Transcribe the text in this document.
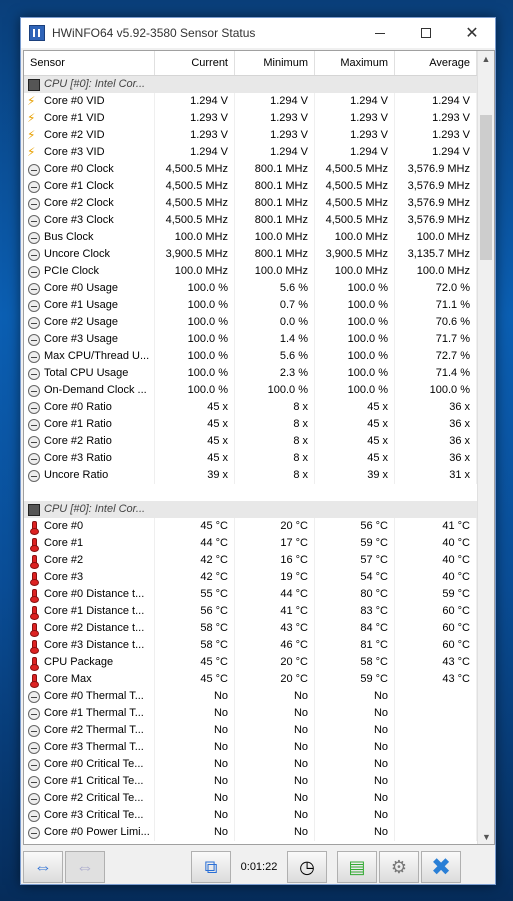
HWiNFO64 v5.92-3580 Sensor Status	✕
Sensor	Current	Minimum	Maximum	Average
CPU [#0]: Intel Cor...
⚡
Core #0 VID	1.294 V	1.294 V	1.294 V	1.294 V
⚡
Core #1 VID	1.293 V	1.293 V	1.293 V	1.293 V
⚡
Core #2 VID	1.293 V	1.293 V	1.293 V	1.293 V
⚡
Core #3 VID	1.294 V	1.294 V	1.294 V	1.294 V
Core #0 Clock	4,500.5 MHz	800.1 MHz	4,500.5 MHz	3,576.9 MHz
Core #1 Clock	4,500.5 MHz	800.1 MHz	4,500.5 MHz	3,576.9 MHz
Core #2 Clock	4,500.5 MHz	800.1 MHz	4,500.5 MHz	3,576.9 MHz
Core #3 Clock	4,500.5 MHz	800.1 MHz	4,500.5 MHz	3,576.9 MHz
Bus Clock	100.0 MHz	100.0 MHz	100.0 MHz	100.0 MHz
Uncore Clock	3,900.5 MHz	800.1 MHz	3,900.5 MHz	3,135.7 MHz
PCIe Clock	100.0 MHz	100.0 MHz	100.0 MHz	100.0 MHz
Core #0 Usage	100.0 %	5.6 %	100.0 %	72.0 %
Core #1 Usage	100.0 %	0.7 %	100.0 %	71.1 %
Core #2 Usage	100.0 %	0.0 %	100.0 %	70.6 %
Core #3 Usage	100.0 %	1.4 %	100.0 %	71.7 %
Max CPU/Thread U...	100.0 %	5.6 %	100.0 %	72.7 %
Total CPU Usage	100.0 %	2.3 %	100.0 %	71.4 %
On-Demand Clock ...	100.0 %	100.0 %	100.0 %	100.0 %
Core #0 Ratio	45 x	8 x	45 x	36 x
Core #1 Ratio	45 x	8 x	45 x	36 x
Core #2 Ratio	45 x	8 x	45 x	36 x
Core #3 Ratio	45 x	8 x	45 x	36 x
Uncore Ratio	39 x	8 x	39 x	31 x
CPU [#0]: Intel Cor...
Core #0	45 °C	20 °C	56 °C	41 °C
Core #1	44 °C	17 °C	59 °C	40 °C
Core #2	42 °C	16 °C	57 °C	40 °C
Core #3	42 °C	19 °C	54 °C	40 °C
Core #0 Distance t...	55 °C	44 °C	80 °C	59 °C
Core #1 Distance t...	56 °C	41 °C	83 °C	60 °C
Core #2 Distance t...	58 °C	43 °C	84 °C	60 °C
Core #3 Distance t...	58 °C	46 °C	81 °C	60 °C
CPU Package	45 °C	20 °C	58 °C	43 °C
Core Max	45 °C	20 °C	59 °C	43 °C
Core #0 Thermal T...	No	No	No
Core #1 Thermal T...	No	No	No
Core #2 Thermal T...	No	No	No
Core #3 Thermal T...	No	No	No
Core #0 Critical Te...	No	No	No
Core #1 Critical Te...	No	No	No
Core #2 Critical Te...	No	No	No
Core #3 Critical Te...	No	No	No
Core #0 Power Limi...	No	No	No
▲
▼
⇔ ⇔	⧉	0:01:22	◷ ▤ ⚙ ✖
